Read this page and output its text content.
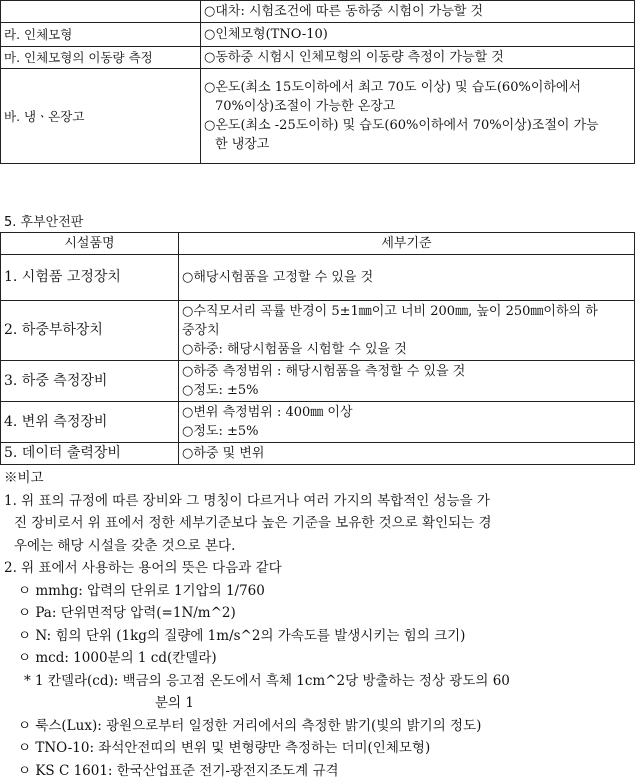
	○대차: 시험조건에 따른 동하중 시험이 가능할 것

라. 인체모형	○인체모형(TNO-10)

마. 인체모형의 이동량 측정	○동하중 시험시 인체모형의 이동량 측정이 가능할 것

바. 냉ㆍ온장고	○온도(최소 15도이하에서 최고 70도 이상) 및 습도(60%이하에서

70%이상)조절이 가능한 온장고

○온도(최소 -25도이하) 및 습도(60%이하에서 70%이상)조절이 가능

한 냉장고

5. 후부안전판
시설품명	세부기준
1. 시험품 고정장치	○해당시험품을 고정할 수 있을 것

2. 하중부하장치	○수직모서리 곡률 반경이 5±1㎜이고 너비 200㎜, 높이 250㎜이하의 하

중장치

○하중: 해당시험품을 시험할 수 있을 것

3. 하중 측정장비	○하중 측정범위 : 해당시험품을 측정할 수 있을 것

○정도: ±5%

4. 변위 측정장비	○변위 측정범위 : 400㎜ 이상

○정도: ±5%

5. 데이터 출력장비	○하중 및 변위

※비고

1. 위 표의 규정에 따른 장비와 그 명칭이 다르거나 여러 가지의 복합적인 성능을 가

진 장비로서 위 표에서 정한 세부기준보다 높은 기준을 보유한 것으로 확인되는 경

우에는 해당 시설을 갖춘 것으로 본다.

2. 위 표에서 사용하는 용어의 뜻은 다음과 같다

ㅇ mmhg: 압력의 단위로 1기압의 1/760

ㅇ Pa: 단위면적당 압력(=1N/m^2)

ㅇ N: 힘의 단위 (1kg의 질량에 1m/s^2의 가속도를 발생시키는 힘의 크기)

ㅇ mcd: 1000분의 1 cd(칸델라)

* 1 칸델라(cd): 백금의 응고점 온도에서 흑체 1cm^2당 방출하는 정상 광도의 60

분의 1

ㅇ 룩스(Lux): 광원으로부터 일정한 거리에서의 측정한 밝기(빛의 밝기의 정도)

ㅇ TNO-10: 좌석안전띠의 변위 및 변형량만 측정하는 더미(인체모형)

ㅇ KS C 1601: 한국산업표준 전기-광전지조도계 규격
